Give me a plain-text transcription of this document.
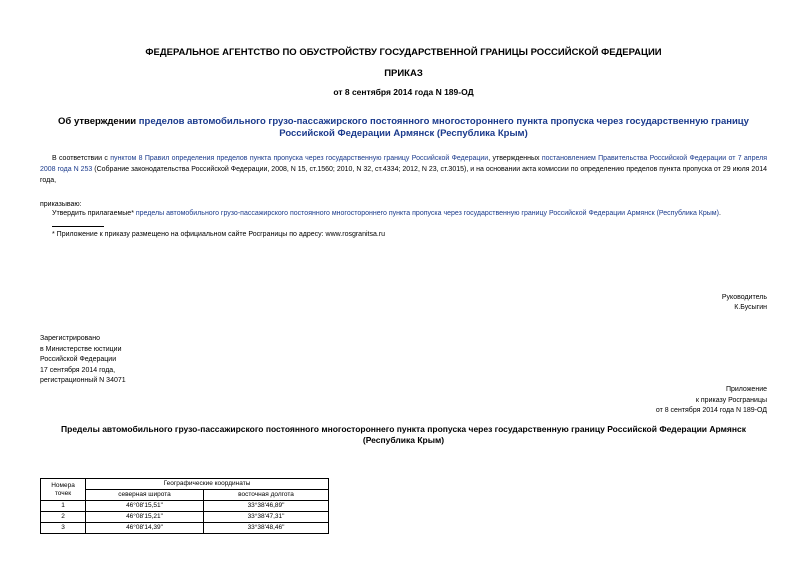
ФЕДЕРАЛЬНОЕ АГЕНТСТВО ПО ОБУСТРОЙСТВУ ГОСУДАРСТВЕННОЙ ГРАНИЦЫ РОССИЙСКОЙ ФЕДЕРАЦИИ
ПРИКАЗ
от 8 сентября 2014 года N 189-ОД
Об утверждении пределов автомобильного грузо-пассажирского постоянного многостороннего пункта пропуска через государственную границу Российской Федерации Армянск (Республика Крым)
В соответствии с пунктом 8 Правил определения пределов пункта пропуска через государственную границу Российской Федерации, утвержденных постановлением Правительства Российской Федерации от 7 апреля 2008 года N 253 (Собрание законодательства Российской Федерации, 2008, N 15, ст.1560; 2010, N 32, ст.4334; 2012, N 23, ст.3015), и на основании акта комиссии по определению пределов пункта пропуска от 29 июля 2014 года,
приказываю:
Утвердить прилагаемые* пределы автомобильного грузо-пассажирского постоянного многостороннего пункта пропуска через государственную границу Российской Федерации Армянск (Республика Крым).
* Приложение к приказу размещено на официальном сайте Росграницы по адресу: www.rosgranitsa.ru
Руководитель
К.Бусыгин
Зарегистрировано
в Министерстве юстиции
Российской Федерации
17 сентября 2014 года,
регистрационный N 34071
Приложение
к приказу Росграницы
от 8 сентября 2014 года N 189-ОД
Пределы автомобильного грузо-пассажирского постоянного многостороннего пункта пропуска через государственную границу Российской Федерации Армянск (Республика Крым)
Номера точек	Географические координаты	
	северная широта	восточная долгота
1	46°08'15,51"	33°38'46,89"
2	46°08'15,21"	33°38'47,31"
3	46°08'14,39"	33°38'48,46"
